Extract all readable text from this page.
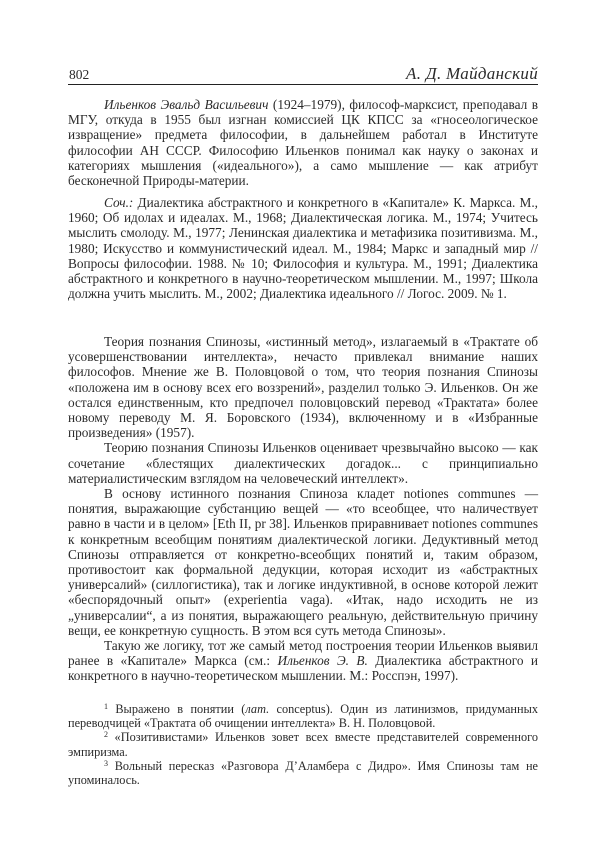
802	А. Д. Майданский

Ильенков Эвальд Васильевич (1924–1979), философ-марксист, преподавал в МГУ, откуда в 1955 был изгнан комиссией ЦК КПСС за «гносеологическое извращение» предмета философии, в дальнейшем работал в Институте философии АН СССР. Философию Ильенков понимал как науку о законах и категориях мышления («идеального»), а само мышление — как атрибут бесконечной Природы-материи.

Соч.: Диалектика абстрактного и конкретного в «Капитале» К. Маркса. М., 1960; Об идолах и идеалах. М., 1968; Диалектическая логика. М., 1974; Учитесь мыслить смолоду. М., 1977; Ленинская диалектика и метафизика позитивизма. М., 1980; Искусство и коммунистический идеал. М., 1984; Маркс и западный мир // Вопросы философии. 1988. № 10; Философия и культура. М., 1991; Диалектика абстрактного и конкретного в научно-теоретическом мышлении. М., 1997; Школа должна учить мыслить. М., 2002; Диалектика идеального // Логос. 2009. № 1.

Теория познания Спинозы, «истинный метод», излагаемый в «Трактате об усовершенствовании интеллекта», нечасто привлекал внимание наших философов. Мнение же В. Половцовой о том, что теория познания Спинозы «положена им в основу всех его воззрений», разделил только Э. Ильенков. Он же остался единственным, кто предпочел половцовский перевод «Трактата» более новому переводу М. Я. Боровского (1934), включенному и в «Избранные произведения» (1957).

Теорию познания Спинозы Ильенков оценивает чрезвычайно высоко — как сочетание «блестящих диалектических догадок... с принципиально материалистическим взглядом на человеческий интеллект».

В основу истинного познания Спиноза кладет notiones communes — понятия, выражающие субстанцию вещей — «то всеобщее, что наличествует равно в части и в целом» [Eth II, pr 38]. Ильенков приравнивает notiones communes к конкретным всеобщим понятиям диалектической логики. Дедуктивный метод Спинозы отправляется от конкретно-всеобщих понятий и, таким образом, противостоит как формальной дедукции, которая исходит из «абстрактных универсалий» (силлогистика), так и логике индуктивной, в основе которой лежит «беспорядочный опыт» (experientia vaga). «Итак, надо исходить не из „универсалии“, а из понятия, выражающего реальную, действительную причину вещи, ее конкретную сущность. В этом вся суть метода Спинозы».

Такую же логику, тот же самый метод построения теории Ильенков выявил ранее в «Капитале» Маркса (см.: Ильенков Э. В. Диалектика абстрактного и конкретного в научно-теоретическом мышлении. М.: Росспэн, 1997).

$^1$ Выражено в понятии (лат. conceptus). Один из латинизмов, придуманных переводчицей «Трактата об очищении интеллекта» В. Н. Половцовой.

$^2$ «Позитивистами» Ильенков зовет всех вместе представителей современного эмпиризма.

$^3$ Вольный пересказ «Разговора Д’Аламбера с Дидро». Имя Спинозы там не упоминалось.
